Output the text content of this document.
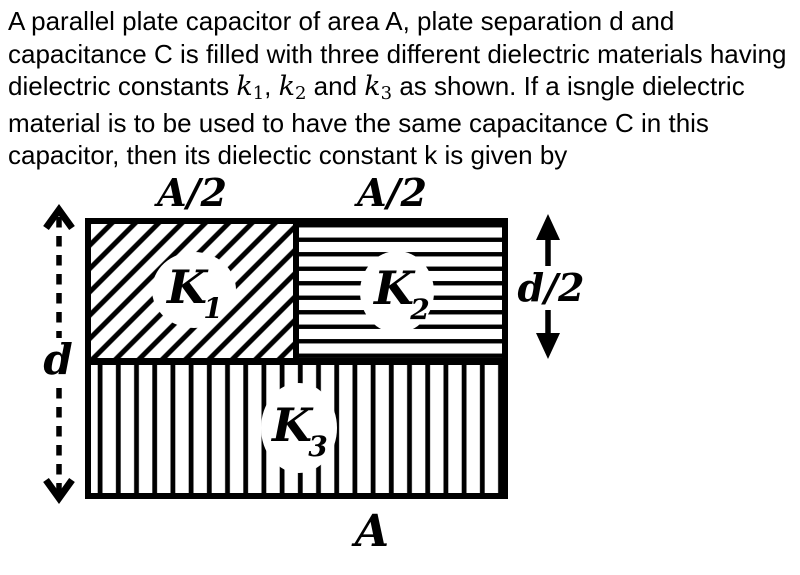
A parallel plate capacitor of area A, plate separation d and
capacitance C is filled with three different dielectric materials having
dielectric constants k1, k2 and k3 as shown. If a isngle dielectric
material is to be used to have the same capacitance C in this
capacitor, then its dielectic constant k is given by
K
1	K
2
K
3
A/2	A/2
d
d/2
A
